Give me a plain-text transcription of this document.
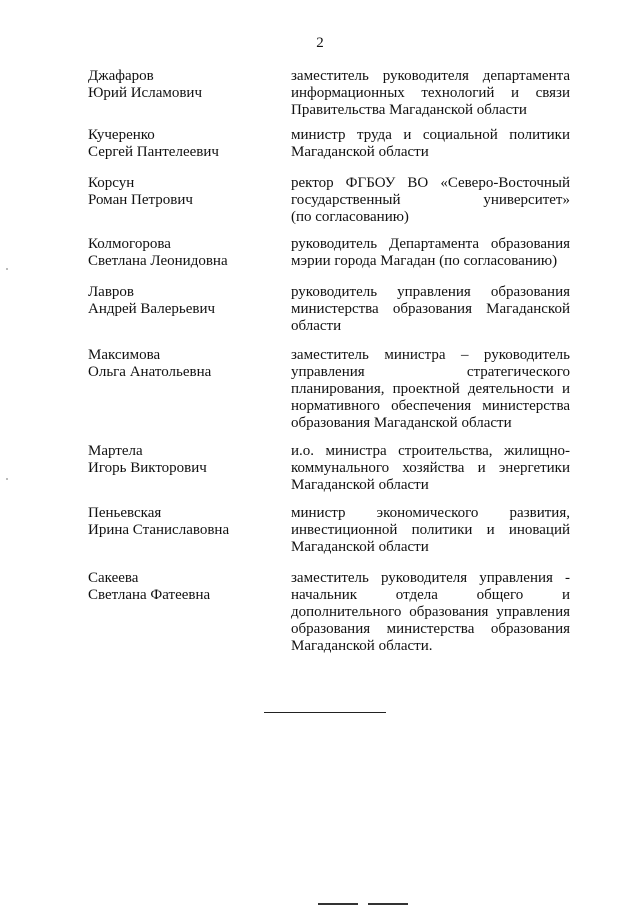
2
Джафаров
Юрий Исламович
заместитель руководителя департамента
информационных технологий и связи
Правительства Магаданской области
Кучеренко
Сергей Пантелеевич
министр труда и социальной политики
Магаданской области
Корсун
Роман Петрович
ректор ФГБОУ ВО «Северо-Восточный
государственный университет»
(по согласованию)
Колмогорова
Светлана Леонидовна
руководитель Департамента образования
мэрии города Магадан (по согласованию)
Лавров
Андрей Валерьевич
руководитель управления образования
министерства образования Магаданской
области
Максимова
Ольга Анатольевна
заместитель министра – руководитель
управления стратегического
планирования, проектной деятельности и
нормативного обеспечения министерства
образования Магаданской области
Мартела
Игорь Викторович
и.о. министра строительства, жилищно-
коммунального хозяйства и энергетики
Магаданской области
Пеньевская
Ирина Станиславовна
министр экономического развития,
инвестиционной политики и иноваций
Магаданской области
Сакеева
Светлана Фатеевна
заместитель руководителя управления -
начальник отдела общего и
дополнительного образования управления
образования министерства образования
Магаданской области.
